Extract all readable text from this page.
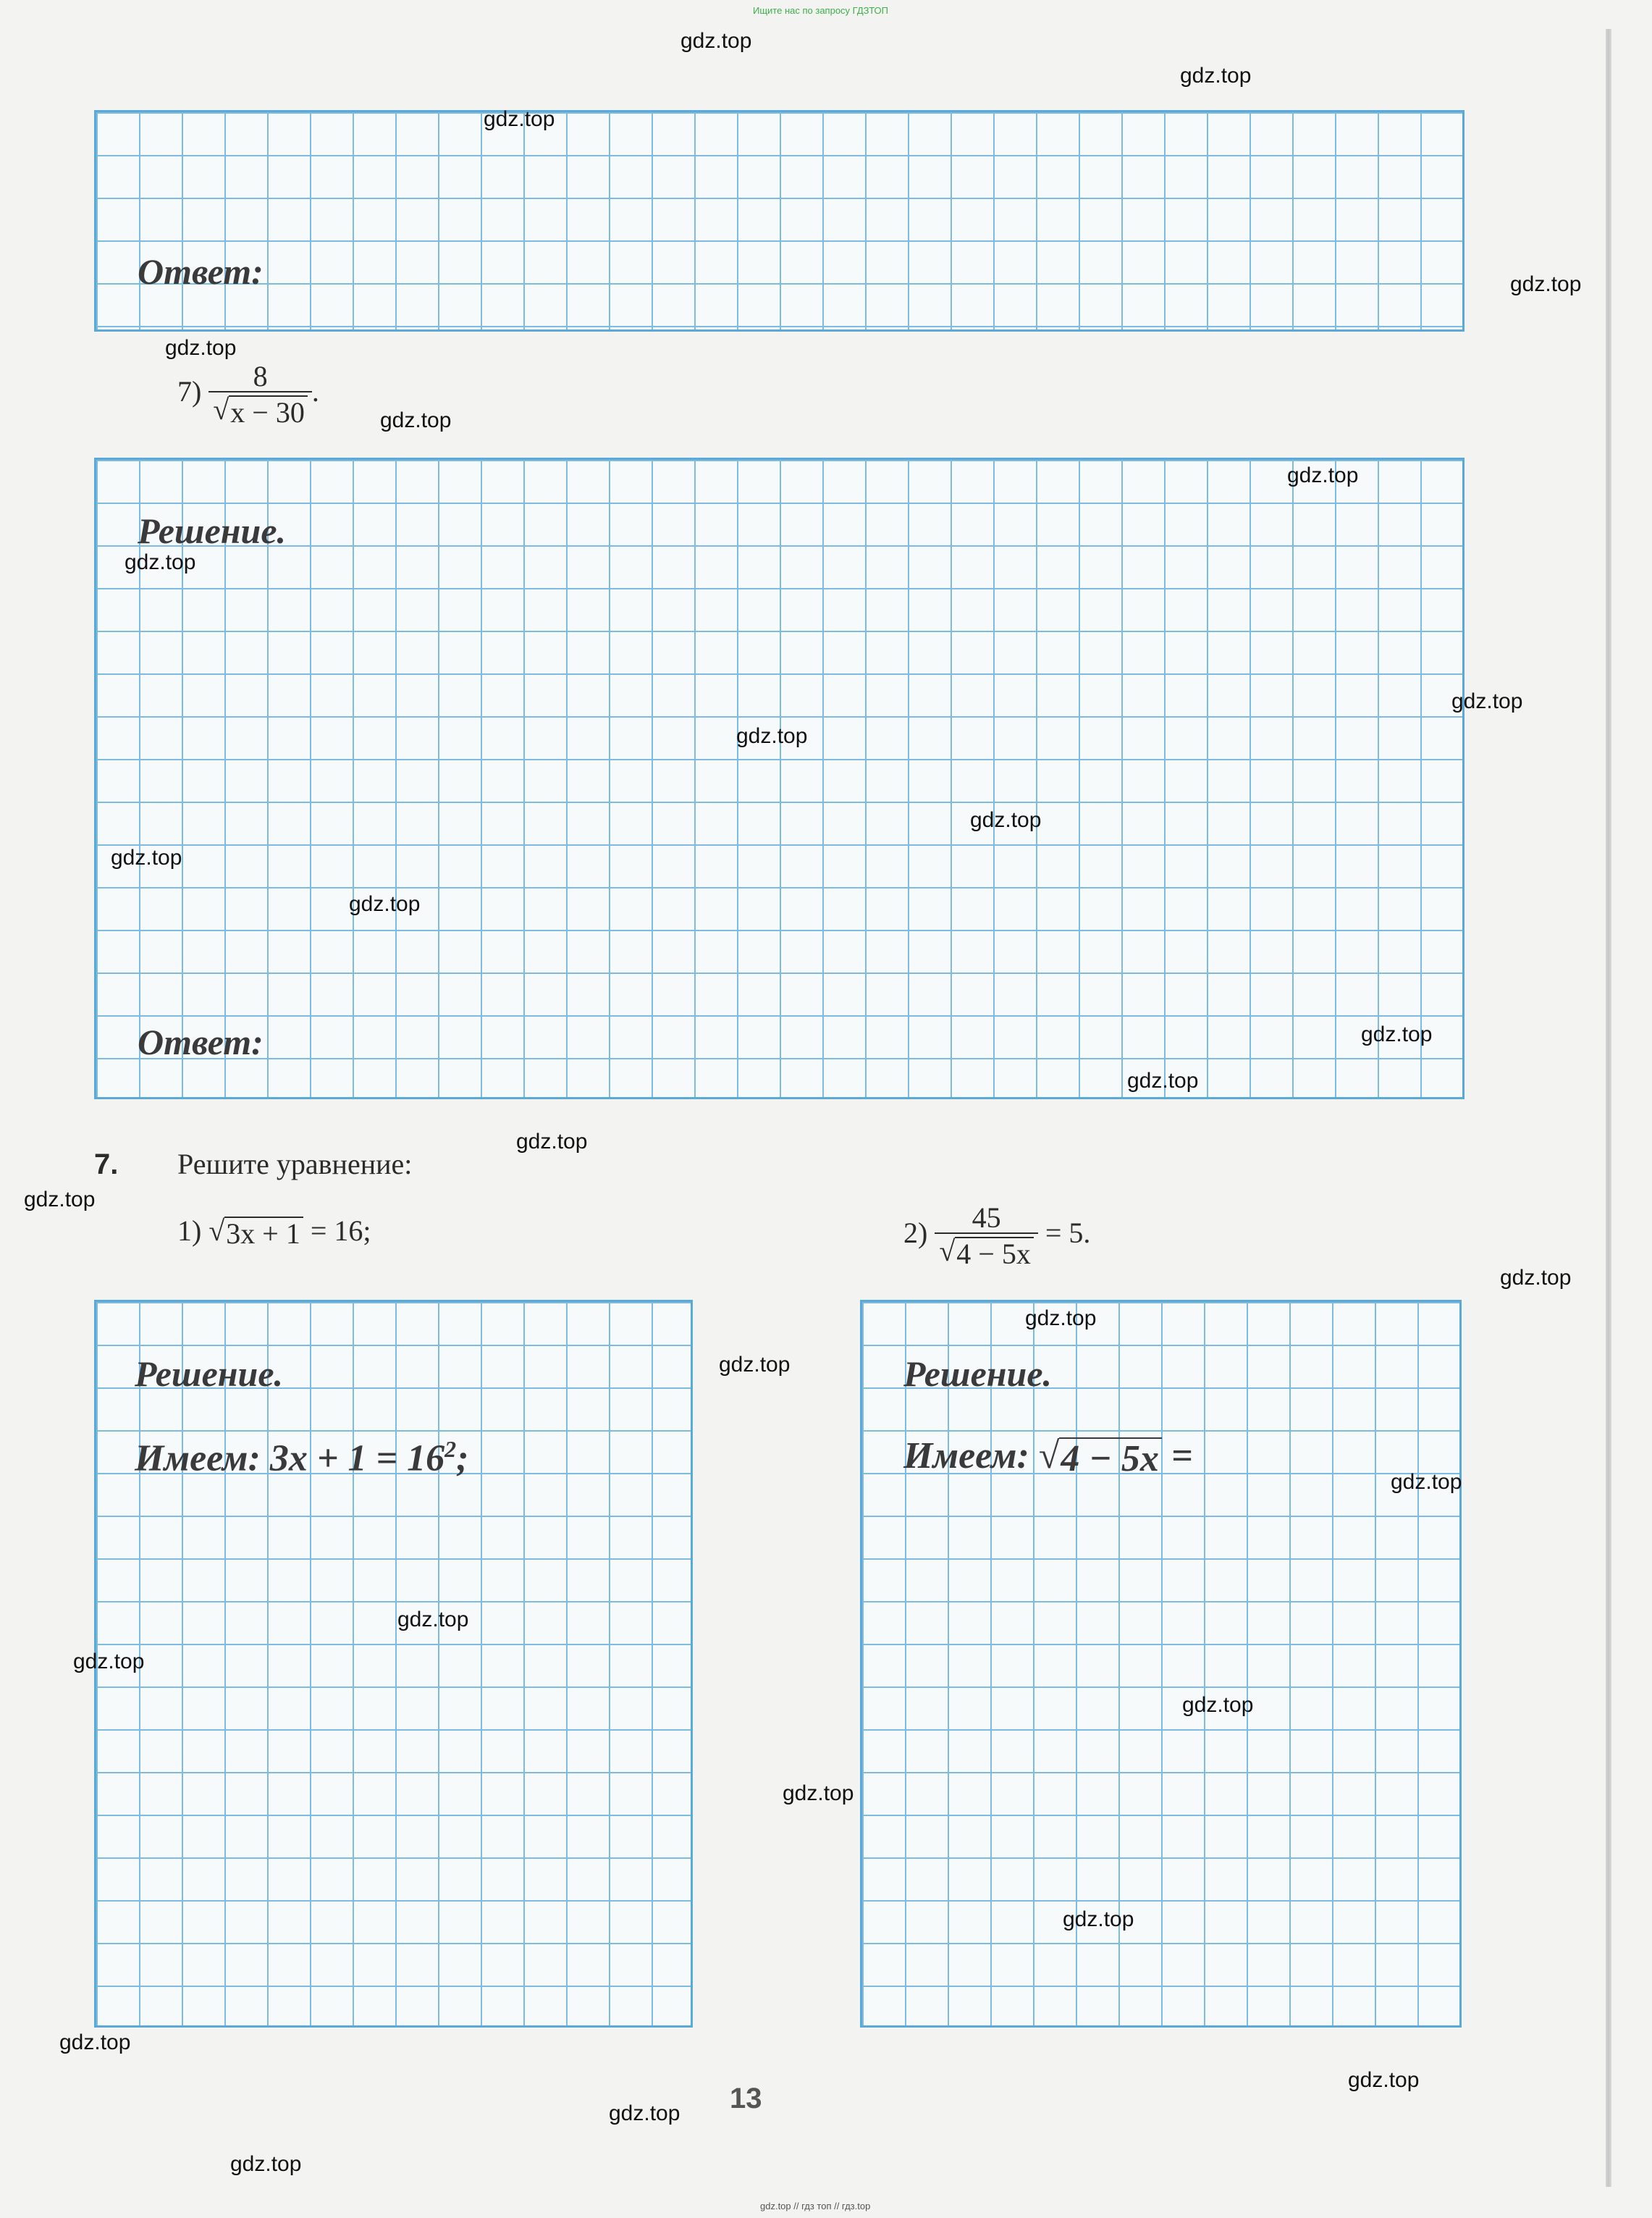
Ищите нас по запросу ГДЗТОП
Ответ:
$7) \frac{8}{√ x - 30}$ .
Решение.
Ответ:
7. Решите уравнение:
1) √ 3x + 1 = 16;	$2) \frac{45}{√ 4 - 5x} = 5$.
Решение.
Имеем: $3x + 1 = 16^2$;
Решение.
Имеем: √ 4 − 5x =
13
gdz.top // гдз топ // гдз.top
gdz.top
gdz.top
gdz.top
gdz.top
gdz.top
gdz.top
gdz.top
gdz.top
gdz.top
gdz.top
gdz.top
gdz.top
gdz.top
gdz.top
gdz.top
gdz.top
gdz.top
gdz.top
gdz.top
gdz.top
gdz.top
gdz.top
gdz.top
gdz.top
gdz.top
gdz.top
gdz.top
gdz.top
gdz.top
gdz.top
